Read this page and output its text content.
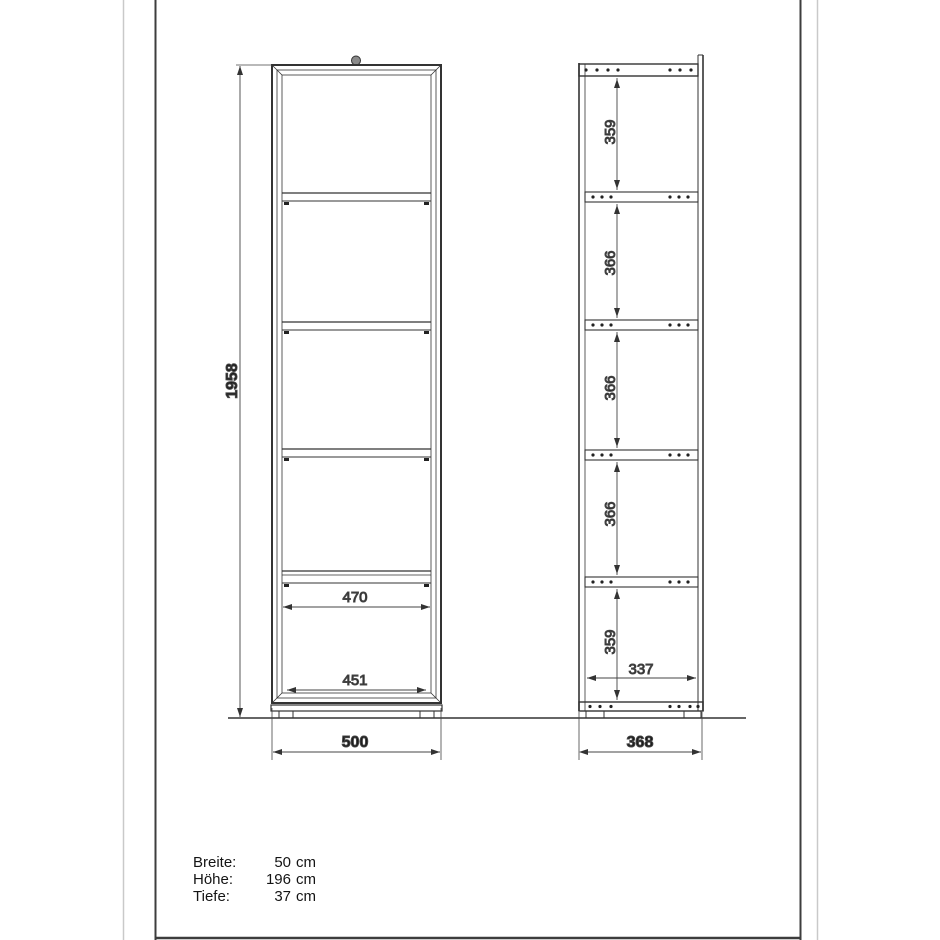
1958
470
451
500
359
366
366
366
359
337
368
Breite:	50 cm
Höhe:	196 cm
Tiefe:	37 cm
